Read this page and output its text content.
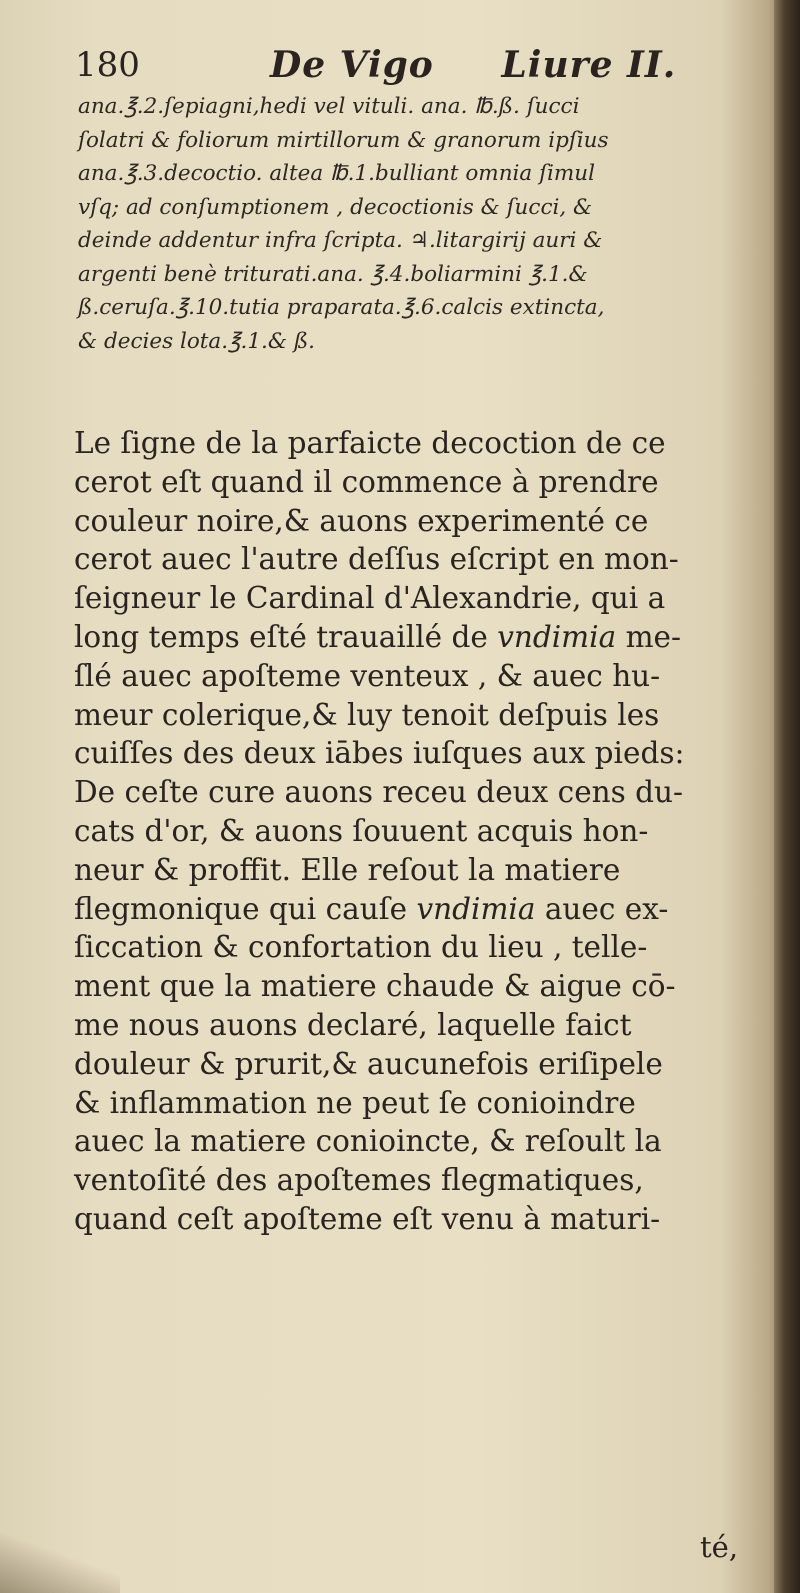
180	De Vigo     Liure II.
ana.℥.2.ſepiagni,hedi vel vituli. ana. ℔.ß. ſucci
ſolatri & foliorum mirtillorum & granorum ipſius
ana.℥.3.decoctio. altea ℔.1.bulliant omnia ſimul
vſq; ad conſumptionem , decoctionis & ſucci, &
deinde addentur infra ſcripta. ♃.litargirij auri &
argenti benè triturati.ana. ℥.4.boliarmini ℥.1.&
ß.ceruſa.℥.10.tutia praparata.℥.6.calcis extincta,
& decies lota.℥.1.& ß.
Le ſigne de la parfaicte decoction de ce
cerot eſt quand il commence à prendre
couleur noire,& auons experimenté ce
cerot auec l'autre deſſus eſcript en mon-
ſeigneur le Cardinal d'Alexandrie, qui a
long temps eſté trauaillé de vndimia me-
ſlé auec apoſteme venteux , & auec hu-
meur colerique,& luy tenoit deſpuis les
cuiſſes des deux iābes iuſques aux pieds:
De ceſte cure auons receu deux cens du-
cats d'or, & auons ſouuent acquis hon-
neur & proffit. Elle reſout la matiere
flegmonique qui cauſe vndimia auec ex-
ſiccation & confortation du lieu , telle-
ment que la matiere chaude & aigue cō-
me nous auons declaré, laquelle faict
douleur & prurit,& aucunefois eriſipele
& inflammation ne peut ſe conioindre
auec la matiere conioincte, & reſoult la
ventoſité des apoſtemes flegmatiques,
quand ceſt apoſteme eſt venu à maturi-
té,
